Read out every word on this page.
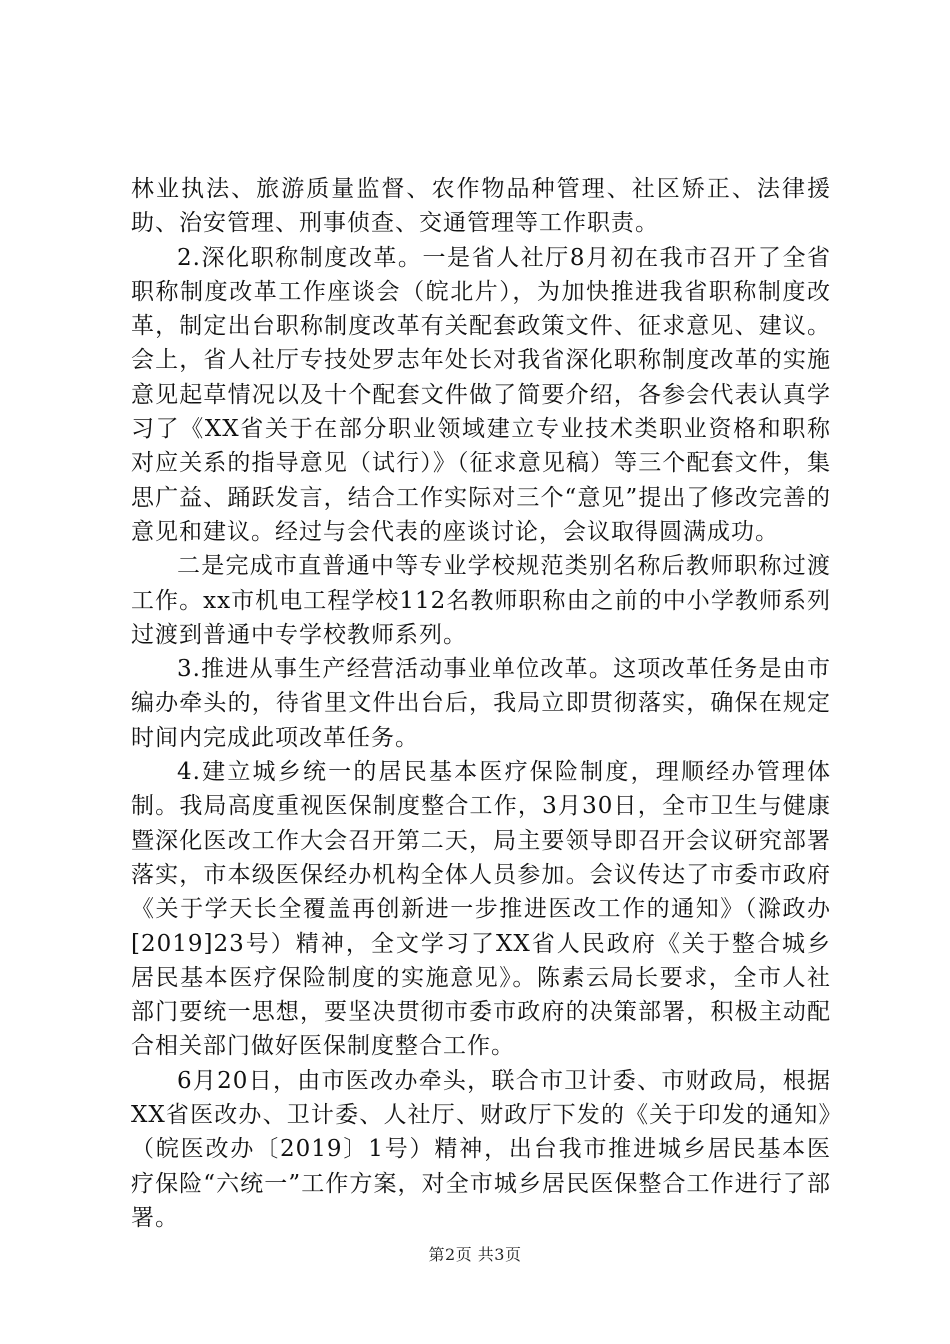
林业执法、旅游质量监督、农作物品种管理、社区矫正、法律援助、治安管理、刑事侦查、交通管理等工作职责。

2.深化职称制度改革。一是省人社厅8月初在我市召开了全省职称制度改革工作座谈会（皖北片），为加快推进我省职称制度改革，制定出台职称制度改革有关配套政策文件、征求意见、建议。会上，省人社厅专技处罗志年处长对我省深化职称制度改革的实施意见起草情况以及十个配套文件做了简要介绍，各参会代表认真学习了《XX省关于在部分职业领域建立专业技术类职业资格和职称对应关系的指导意见（试行）》（征求意见稿）等三个配套文件，集思广益、踊跃发言，结合工作实际对三个“意见”提出了修改完善的意见和建议。经过与会代表的座谈讨论，会议取得圆满成功。

二是完成市直普通中等专业学校规范类别名称后教师职称过渡工作。xx市机电工程学校112名教师职称由之前的中小学教师系列过渡到普通中专学校教师系列。

3.推进从事生产经营活动事业单位改革。这项改革任务是由市编办牵头的，待省里文件出台后，我局立即贯彻落实，确保在规定时间内完成此项改革任务。

4.建立城乡统一的居民基本医疗保险制度，理顺经办管理体制。我局高度重视医保制度整合工作，3月30日，全市卫生与健康暨深化医改工作大会召开第二天，局主要领导即召开会议研究部署落实，市本级医保经办机构全体人员参加。会议传达了市委市政府《关于学天长全覆盖再创新进一步推进医改工作的通知》（滁政办[2019]23号）精神，全文学习了XX省人民政府《关于整合城乡居民基本医疗保险制度的实施意见》。陈素云局长要求，全市人社部门要统一思想，要坚决贯彻市委市政府的决策部署，积极主动配合相关部门做好医保制度整合工作。

6月20日，由市医改办牵头，联合市卫计委、市财政局，根据XX省医改办、卫计委、人社厅、财政厅下发的《关于印发的通知》（皖医改办〔2019〕1号）精神，出台我市推进城乡居民基本医疗保险“六统一”工作方案，对全市城乡居民医保整合工作进行了部署。

第2页 共3页
